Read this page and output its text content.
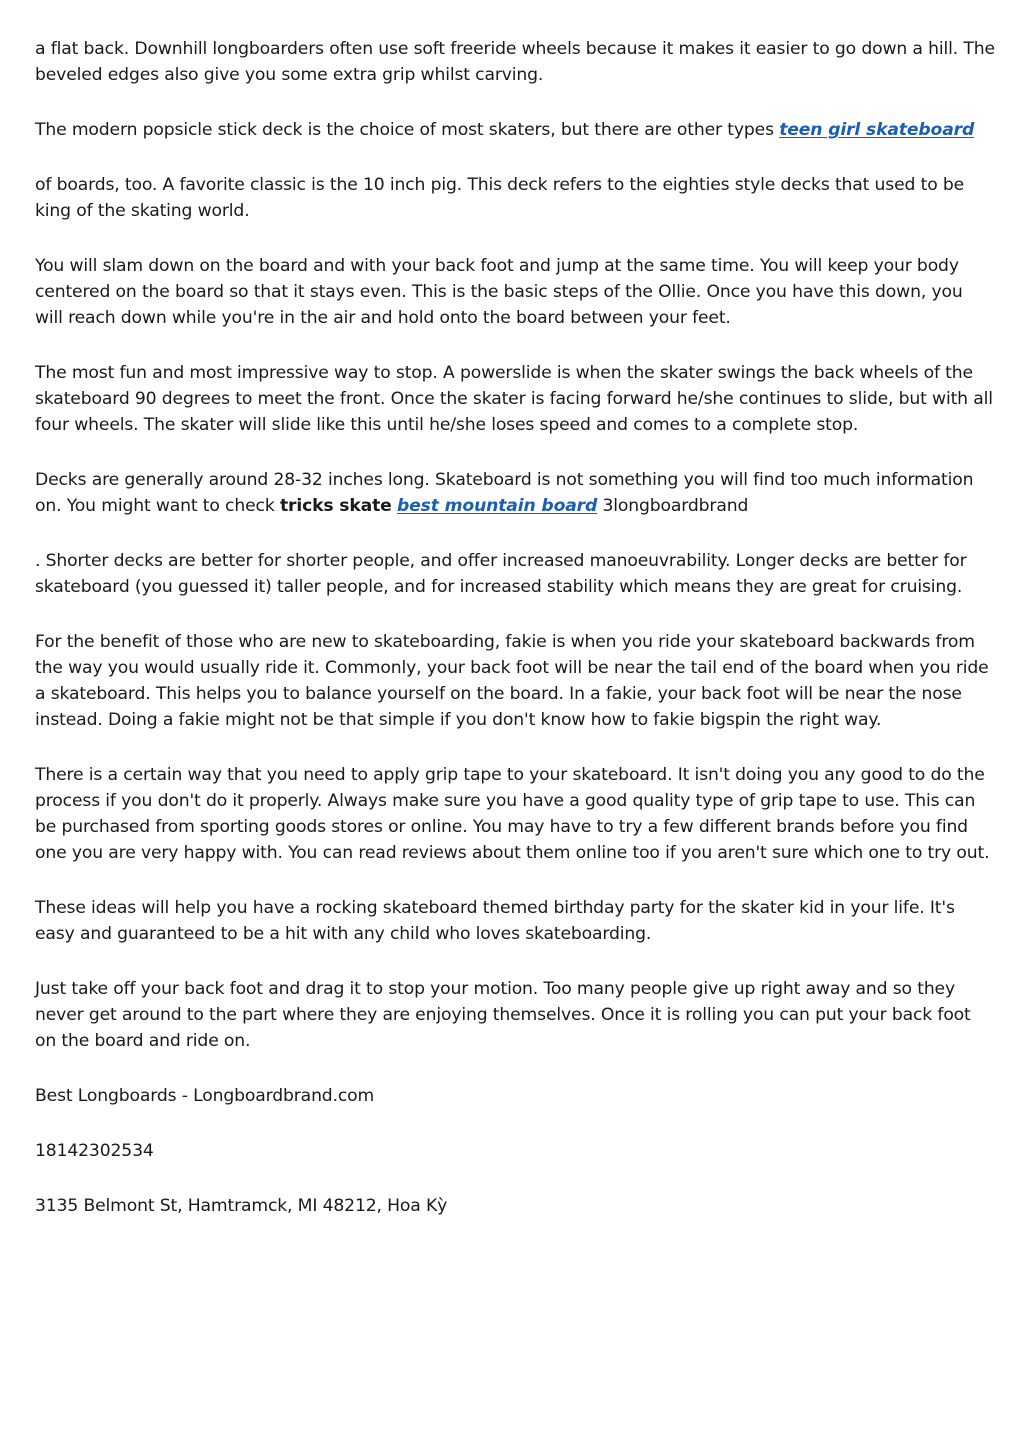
a flat back. Downhill longboarders often use soft freeride wheels because it makes it easier to go down a hill. The beveled edges also give you some extra grip whilst carving.

The modern popsicle stick deck is the choice of most skaters, but there are other types teen girl skateboard

of boards, too. A favorite classic is the 10 inch pig. This deck refers to the eighties style decks that used to be king of the skating world.

You will slam down on the board and with your back foot and jump at the same time. You will keep your body centered on the board so that it stays even. This is the basic steps of the Ollie. Once you have this down, you will reach down while you're in the air and hold onto the board between your feet.

The most fun and most impressive way to stop. A powerslide is when the skater swings the back wheels of the skateboard 90 degrees to meet the front. Once the skater is facing forward he/she continues to slide, but with all four wheels. The skater will slide like this until he/she loses speed and comes to a complete stop.

Decks are generally around 28-32 inches long. Skateboard is not something you will find too much information on. You might want to check tricks skate best mountain board 3longboardbrand

. Shorter decks are better for shorter people, and offer increased manoeuvrability. Longer decks are better for skateboard (you guessed it) taller people, and for increased stability which means they are great for cruising.

For the benefit of those who are new to skateboarding, fakie is when you ride your skateboard backwards from the way you would usually ride it. Commonly, your back foot will be near the tail end of the board when you ride a skateboard. This helps you to balance yourself on the board. In a fakie, your back foot will be near the nose instead. Doing a fakie might not be that simple if you don't know how to fakie bigspin the right way.

There is a certain way that you need to apply grip tape to your skateboard. It isn't doing you any good to do the process if you don't do it properly. Always make sure you have a good quality type of grip tape to use. This can be purchased from sporting goods stores or online. You may have to try a few different brands before you find one you are very happy with. You can read reviews about them online too if you aren't sure which one to try out.

These ideas will help you have a rocking skateboard themed birthday party for the skater kid in your life. It's easy and guaranteed to be a hit with any child who loves skateboarding.

Just take off your back foot and drag it to stop your motion. Too many people give up right away and so they never get around to the part where they are enjoying themselves. Once it is rolling you can put your back foot on the board and ride on.

Best Longboards - Longboardbrand.com

18142302534

3135 Belmont St, Hamtramck, MI 48212, Hoa Kỳ
